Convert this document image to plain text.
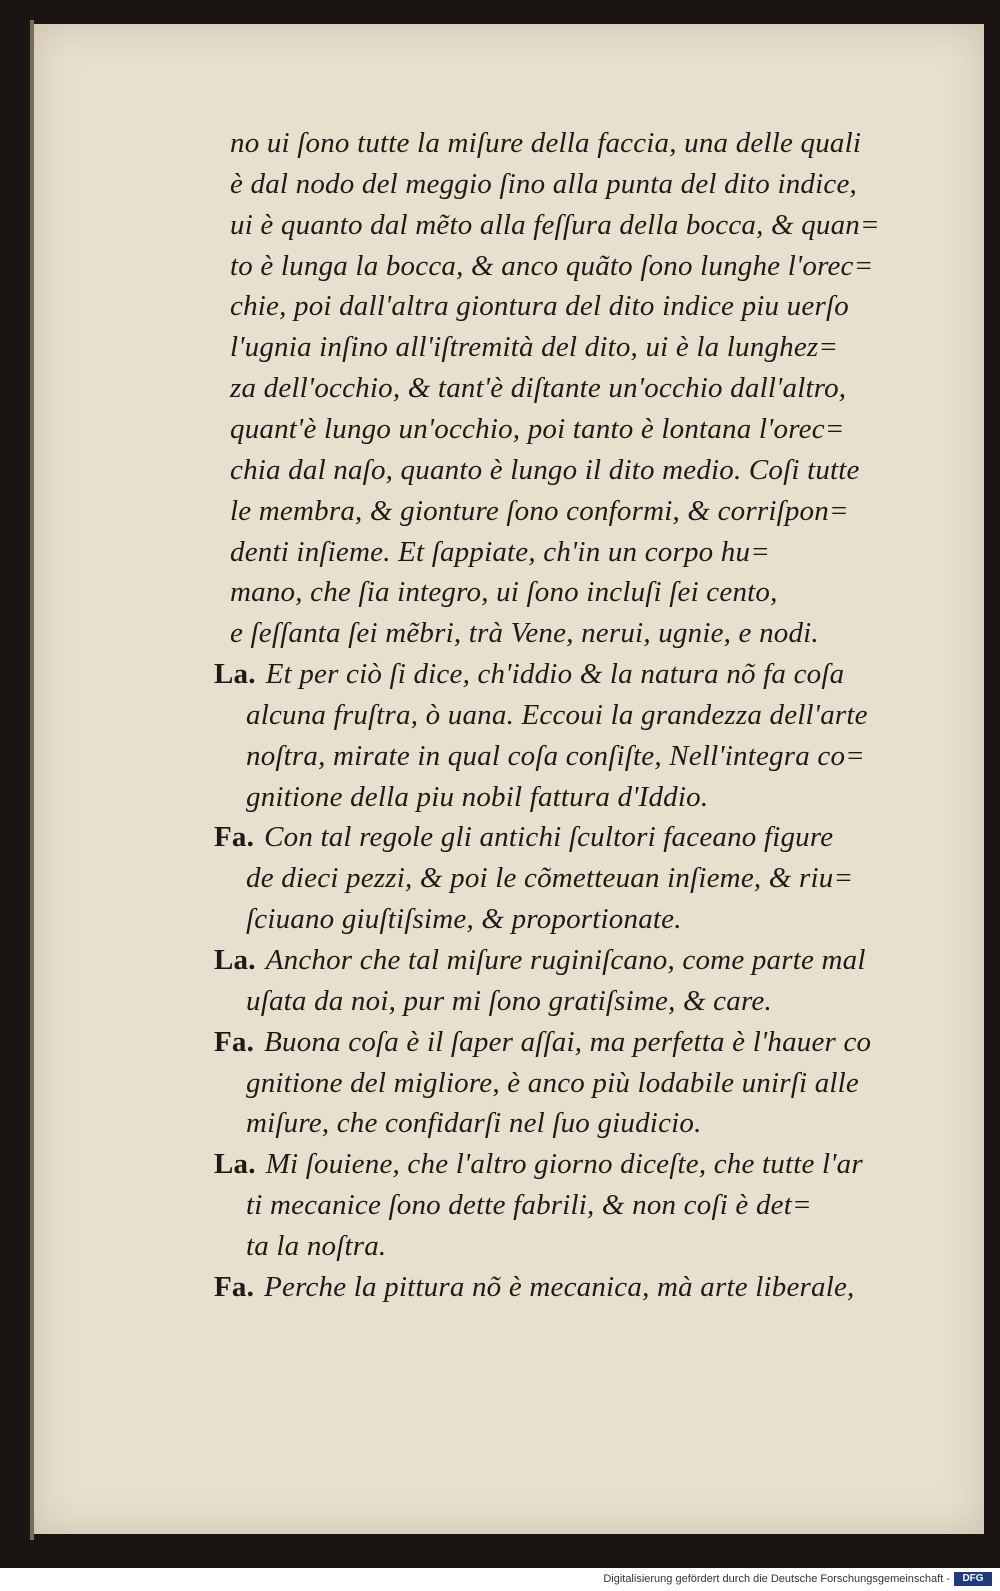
no ui ſono tutte la miſure della faccia, una delle quali
è dal nodo del meggio ſino alla punta del dito indice,
ui è quanto dal mẽto alla feſſura della bocca, & quan=
to è lunga la bocca, & anco quãto ſono lunghe l'orec=
chie, poi dall'altra giontura del dito indice piu uerſo
l'ugnia inſino all'iſtremità del dito, ui è la lunghez=
za dell'occhio, & tant'è diſtante un'occhio dall'altro,
quant'è lungo un'occhio, poi tanto è lontana l'orec=
chia dal naſo, quanto è lungo il dito medio. Coſi tutte
le membra, & gionture ſono conformi, & corriſpon=
denti inſieme. Et ſappiate, ch'in un corpo hu=
mano, che ſia integro, ui ſono incluſi ſei cento,
e ſeſſanta ſei mẽbri, trà Vene, nerui, ugnie, e nodi.
La. Et per ciò ſi dice, ch'iddio & la natura nõ fa coſa
alcuna fruſtra, ò uana. Eccoui la grandezza dell'arte
noſtra, mirate in qual coſa conſiſte, Nell'integra co=
gnitione della piu nobil fattura d'Iddio.
Fa. Con tal regole gli antichi ſcultori faceano figure
de dieci pezzi, & poi le cõmetteuan inſieme, & riu=
ſciuano giuſtiſsime, & proportionate.
La. Anchor che tal miſure ruginiſcano, come parte mal
uſata da noi, pur mi ſono gratiſsime, & care.
Fa. Buona coſa è il ſaper aſſai, ma perfetta è l'hauer co
gnitione del migliore, è anco più lodabile unirſi alle
miſure, che confidarſi nel ſuo giudicio.
La. Mi ſouiene, che l'altro giorno diceſte, che tutte l'ar
ti mecanice ſono dette fabrili, & non coſi è det=
ta la noſtra.
Fa. Perche la pittura nõ è mecanica, mà arte liberale,
Digitalisierung gefördert durch die Deutsche Forschungsgemeinschaft -	DFG
